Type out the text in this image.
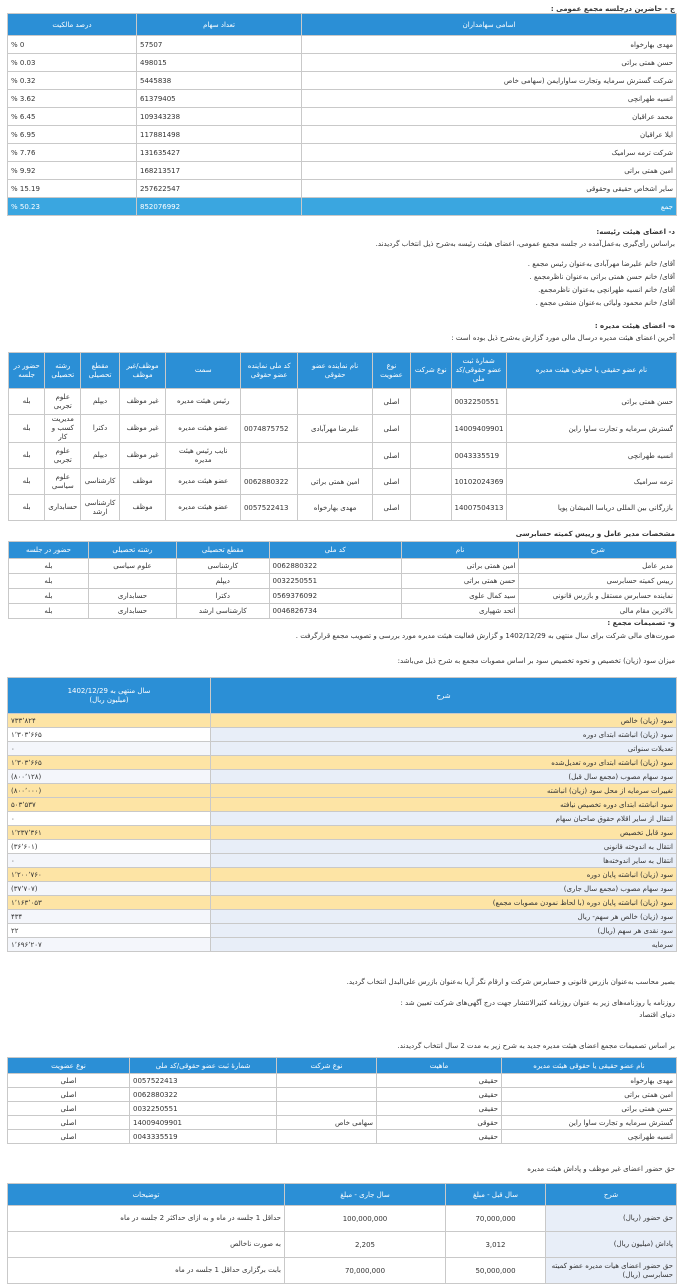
ج - حاضرین درجلسه مجمع عمومی :
اسامی سهامداران	تعداد سهام	درصد مالکیت
مهدی بهارخواه	57507	% 0
حسن همتی براتی	498015	% 0.03
شرکت گسترش سرمایه وتجارت ساوارایمن (سهامی خاص	5445838	% 0.32
انسیه طهرانچی	61379405	% 3.62
محمد عراقیان	109343238	% 6.45
ایلا عراقیان	117881498	% 6.95
شرکت ترمه سرامیک	131635427	% 7.76
امین همتی براتی	168213517	% 9.92
سایر اشخاص حقیقی وحقوقی	257622547	% 15.19
جمع	852076992	% 50.23
د- اعضای هیئت رئیسه:
براساس رأی‌گیری به‌عمل‌آمده در جلسه مجمع عمومی، اعضای هیئت رئیسه به‌شرح ذیل انتخاب گردیدند.
آقای/ خانم علیرضا مهرآبادی به‌عنوان رئیس مجمع .
آقای/ خانم حسن همتی براتی به‌عنوان ناظرمجمع .
آقای/ خانم انسیه طهرانچی به‌عنوان ناظرمجمع.
آقای/ خانم محمود ولیائی به‌عنوان منشی مجمع .
ه- اعضای هیئت مدیره :
آخرین اعضای هیئت مدیره درسال مالی مورد گزارش به‌شرح ذیل بوده است :
نام عضو حقیقی یا حقوقی هیئت مدیره	شمارهٔ ثبت عضو حقوقی/کد ملی	نوع شرکت	نوع عضویت	نام نماینده عضو حقوقی	کد ملی نماینده عضو حقوقی	سمت	موظف/غیر موظف	مقطع تحصیلی	رشته تحصیلی	حضور در جلسه
حسن همتی براتی	0032250551		اصلی			رئیس هیئت مدیره	غیر موظف	دیپلم	علوم تجربی	بله
گسترش سرمایه و تجارت ساوا راین	14009409901		اصلی	علیرضا مهرآبادی	0074875752	عضو هیئت مدیره	غیر موظف	دکترا	مدیریت کسب و کار	بله
انسیه طهرانچی	0043335519		اصلی			نایب رئیس هیئت مدیره	غیر موظف	دیپلم	علوم تجربی	بله
ترمه سرامیک	10102024369		اصلی	امین همتی براتی	0062880322	عضو هیئت مدیره	موظف	کارشناسی	علوم سیاسی	بله
بازرگانی بین المللی دریاسا المیشان پویا	14007504313		اصلی	مهدی بهارخواه	0057522413	عضو هیئت مدیره	موظف	کارشناسی ارشد	حسابداری	بله
مشخصات مدیر عامل و رییس کمیته حسابرسی
شرح	نام	کد ملی	مقطع تحصیلی	رشته تحصیلی	حضور در جلسه
مدیر عامل	امین همتی براتی	0062880322	کارشناسی	علوم سیاسی	بله
رییس کمیته حسابرسی	حسن همتی براتی	0032250551	دیپلم		بله
نماینده حسابرس مستقل و بازرس قانونی	سید کمال علوی	0569376092	دکترا	حسابداری	بله
بالاترین مقام مالی	اتحد شهپاری	0046826734	کارشناسی ارشد	حسابداری	بله
و- تصمیمات مجمع :
صورت‌های مالی شرکت برای سال منتهی به 1402/12/29 و گزارش فعالیت هیئت مدیره مورد بررسی و تصویب مجمع قرارگرفت .
میزان سود (زیان) تخصیص و نحوه تخصیص سود بر اساس مصوبات مجمع به شرح ذیل می‌باشد:
شرح	سال منتهی به 1402/12/29
(میلیون ریال)

سود (زیان) خالص	۷۳۳٬۸۲۴
سود (زیان) انباشته ابتدای دوره	۱٬۳۰۳٬۶۶۵
تعدیلات سنواتی	۰
سود (زیان) انباشته ابتدای دوره تعدیل‌شده	۱٬۳۰۳٬۶۶۵
سود سهام مصوب (مجمع سال قبل)	(۸۰۰٬۱۲۸)
تغییرات سرمایه از محل سود (زیان) انباشته	(۸۰۰٬۰۰۰)
سود انباشته ابتدای دوره تخصیص نیافته	۵۰۳٬۵۳۷
انتقال از سایر اقلام حقوق صاحبان سهام	۰
سود قابل تخصیص	۱٬۲۳۷٬۳۶۱
انتقال به اندوخته قانونی	(۳۶٬۶۰۱)
انتقال به سایر اندوخته‌ها	۰
سود (زیان) انباشته پایان دوره	۱٬۲۰۰٬۷۶۰
سود سهام مصوب (مجمع سال جاری)	(۳۷٬۷۰۷)
سود (زیان) انباشته پایان دوره (با لحاظ نمودن مصوبات مجمع)	۱٬۱۶۳٬۰۵۳
سود (زیان) خالص هر سهم- ریال	۴۳۴
سود نقدی هر سهم (ریال)	۲۲
سرمایه	۱٬۶۹۶٬۲۰۷
بصیر محاسب به‌عنوان بازرس قانونی و حسابرس شرکت و ارقام نگر آریا به‌عنوان بازرس علی‌البدل انتخاب گردید.
روزنامه یا روزنامه‌های زیر به عنوان روزنامه کثیرالانتشار جهت درج آگهی‌های شرکت تعیین شد :
دنیای اقتصاد
بر اساس تصمیمات مجمع اعضای هیئت مدیره جدید به شرح زیر به مدت 2 سال انتخاب گردیدند.
نام عضو حقیقی یا حقوقی هیئت مدیره	ماهیت	نوع شرکت	شمارهٔ ثبت عضو حقوقی/کد ملی	نوع عضویت
مهدی بهارخواه	حقیقی		0057522413	اصلی
امین همتی براتی	حقیقی		0062880322	اصلی
حسن همتی براتی	حقیقی		0032250551	اصلی
گسترش سرمایه و تجارت ساوا راین	حقوقی	سهامی خاص	14009409901	اصلی
انسیه طهرانچی	حقیقی		0043335519	اصلی
حق حضور اعضای غیر موظف و پاداش هیئت مدیره
شرح	سال قبل - مبلغ	سال جاری - مبلغ	توضیحات
حق حضور (ریال)	70,000,000	100,000,000	حداقل 1 جلسه در ماه و به ازای حداکثر 2 جلسه در ماه
پاداش (میلیون ریال)	3,012	2,205	به صورت ناخالص
حق حضور اعضای هیات مدیره عضو کمیته حسابرسی (ریال)	50,000,000	70,000,000	بابت برگزاری حداقل 1 جلسه در ماه
